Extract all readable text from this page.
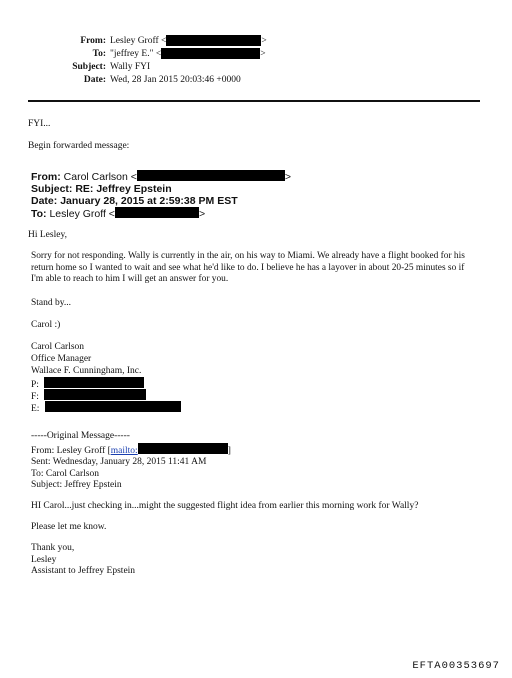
From: Lesley Groff <	>
To: "jeffrey E." <	>
Subject: Wally FYI
Date: Wed, 28 Jan 2015 20:03:46 +0000
FYI...
Begin forwarded message:
From: Carol Carlson <	>
Subject: RE: Jeffrey Epstein
Date: January 28, 2015 at 2:59:38 PM EST
To: Lesley Groff <	>
Hi Lesley,
Sorry for not responding. Wally is currently in the air, on his way to Miami. We already have a flight booked for his return home so I wanted to wait and see what he'd like to do. I believe he has a layover in about 20-25 minutes so if I'm able to reach to him I will get an answer for you.
Stand by...
Carol :)
Carol Carlson
Office Manager
Wallace F. Cunningham, Inc.
P:
F:
E:
-----Original Message-----
From: Lesley Groff [mailto:	]
Sent: Wednesday, January 28, 2015 11:41 AM
To: Carol Carlson
Subject: Jeffrey Epstein
HI Carol...just checking in...might the suggested flight idea from earlier this morning work for Wally?
Please let me know.
Thank you,
Lesley
Assistant to Jeffrey Epstein
EFTA00353697
